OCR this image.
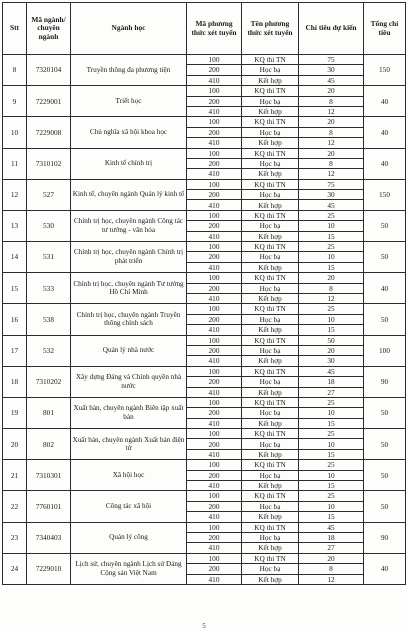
Stt	Mã ngành/ chuyên ngành	Ngành học	Mã phương thức xét tuyển	Tên phương thức xét tuyển	Chỉ tiêu dự kiến	Tổng chỉ tiêu
8	7320104	Truyền thông đa phương tiện	100	KQ thi TN	75	150
			200	Học bạ	30	
			410	Kết hợp	45	
9	7229001	Triết học	100	KQ thi TN	20	40
			200	Học bạ	8	
			410	Kết hợp	12	
10	7229008	Chủ nghĩa xã hội khoa học	100	KQ thi TN	20	40
			200	Học bạ	8	
			410	Kết hợp	12	
11	7310102	Kinh tế chính trị	100	KQ thi TN	20	40
			200	Học bạ	8	
			410	Kết hợp	12	
12	527	Kinh tế, chuyên ngành Quản lý kinh tế	100	KQ thi TN	75	150
			200	Học bạ	30	
			410	Kết hợp	45	
13	530	Chính trị học, chuyên ngành Công tác tư tưởng - văn hóa	100	KQ thi TN	25	50
			200	Học bạ	10	
			410	Kết hợp	15	
14	531	Chính trị học, chuyên ngành Chính trị phát triển	100	KQ thi TN	25	50
			200	Học bạ	10	
			410	Kết hợp	15	
15	533	Chính trị học, chuyên ngành Tư tưởng Hồ Chí Minh	100	KQ thi TN	20	40
			200	Học bạ	8	
			410	Kết hợp	12	
16	538	Chính trị học, chuyên ngành Truyền thông chính sách	100	KQ thi TN	25	50
			200	Học bạ	10	
			410	Kết hợp	15	
17	532	Quản lý nhà nước	100	KQ thi TN	50	100
			200	Học bạ	20	
			410	Kết hợp	30	
18	7310202	Xây dựng Đảng và Chính quyền nhà nước	100	KQ thi TN	45	90
			200	Học bạ	18	
			410	Kết hợp	27	
19	801	Xuất bản, chuyên ngành Biên tập xuất bản	100	KQ thi TN	25	50
			200	Học bạ	10	
			410	Kết hợp	15	
20	802	Xuất bản, chuyên ngành Xuất bản điện tử	100	KQ thi TN	25	50
			200	Học bạ	10	
			410	Kết hợp	15	
21	7310301	Xã hội học	100	KQ thi TN	25	50
			200	Học bạ	10	
			410	Kết hợp	15	
22	7760101	Công tác xã hội	100	KQ thi TN	25	50
			200	Học bạ	10	
			410	Kết hợp	15	
23	7340403	Quản lý công	100	KQ thi TN	45	90
			200	Học bạ	18	
			410	Kết hợp	27	
24	7229010	Lịch sử, chuyên ngành Lịch sử Đảng Cộng sản Việt Nam	100	KQ thi TN	20	40
			200	Học bạ	8	
			410	Kết hợp	12	
5
